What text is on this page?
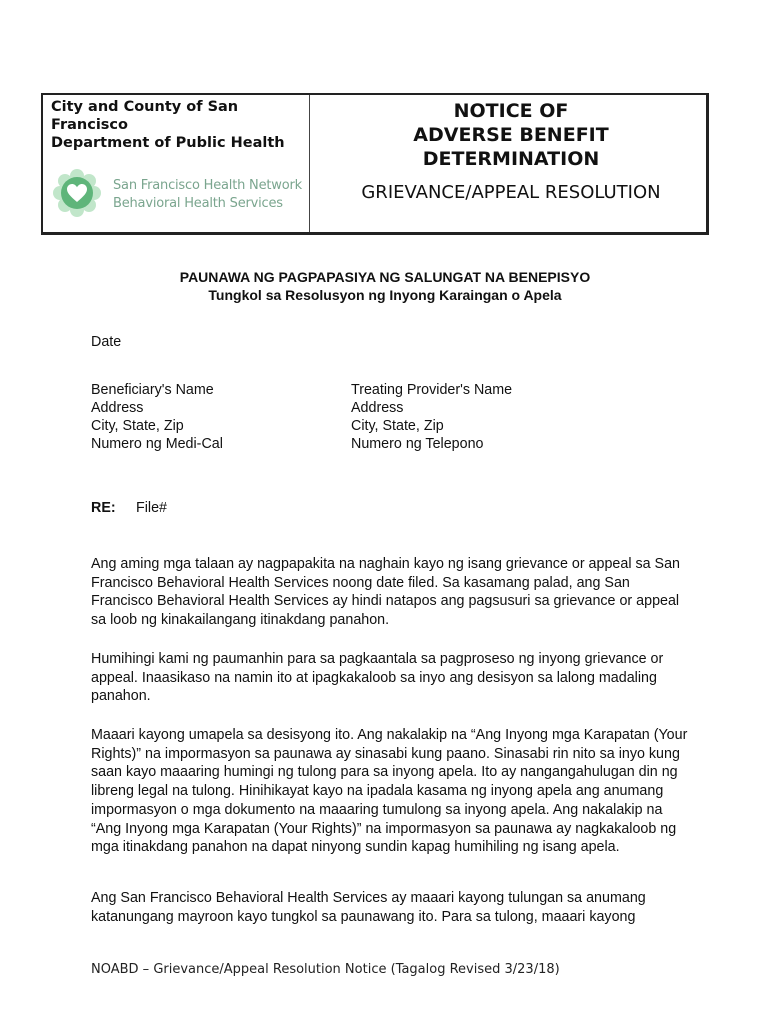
City and County of San
Francisco
Department of Public Health
San Francisco Health Network
Behavioral Health Services
NOTICE OF
ADVERSE BENEFIT
DETERMINATION
GRIEVANCE/APPEAL RESOLUTION
PAUNAWA NG PAGPAPASIYA NG SALUNGAT NA BENEPISYO
Tungkol sa Resolusyon ng Inyong Karaingan o Apela
Date
Beneficiary's Name
Address
City, State, Zip
Numero ng Medi-Cal
Treating Provider's Name
Address
City, State, Zip
Numero ng Telepono
RE: File#

Ang aming mga talaan ay nagpapakita na naghain kayo ng isang grievance or appeal sa San Francisco Behavioral Health Services noong date filed. Sa kasamang palad, ang San Francisco Behavioral Health Services ay hindi natapos ang pagsusuri sa grievance or appeal sa loob ng kinakailangang itinakdang panahon.

Humihingi kami ng paumanhin para sa pagkaantala sa pagproseso ng inyong grievance or appeal. Inaasikaso na namin ito at ipagkakaloob sa inyo ang desisyon sa lalong madaling panahon.

Maaari kayong umapela sa desisyong ito. Ang nakalakip na “Ang Inyong mga Karapatan (Your Rights)” na impormasyon sa paunawa ay sinasabi kung paano. Sinasabi rin nito sa inyo kung saan kayo maaaring humingi ng tulong para sa inyong apela. Ito ay nangangahulugan din ng libreng legal na tulong. Hinihikayat kayo na ipadala kasama ng inyong apela ang anumang impormasyon o mga dokumento na maaaring tumulong sa inyong apela. Ang nakalakip na “Ang Inyong mga Karapatan (Your Rights)” na impormasyon sa paunawa ay nagkakaloob ng mga itinakdang panahon na dapat ninyong sundin kapag humihiling ng isang apela.

Ang San Francisco Behavioral Health Services ay maaari kayong tulungan sa anumang katanungang mayroon kayo tungkol sa paunawang ito. Para sa tulong, maaari kayong

NOABD – Grievance/Appeal Resolution Notice (Tagalog Revised 3/23/18)
